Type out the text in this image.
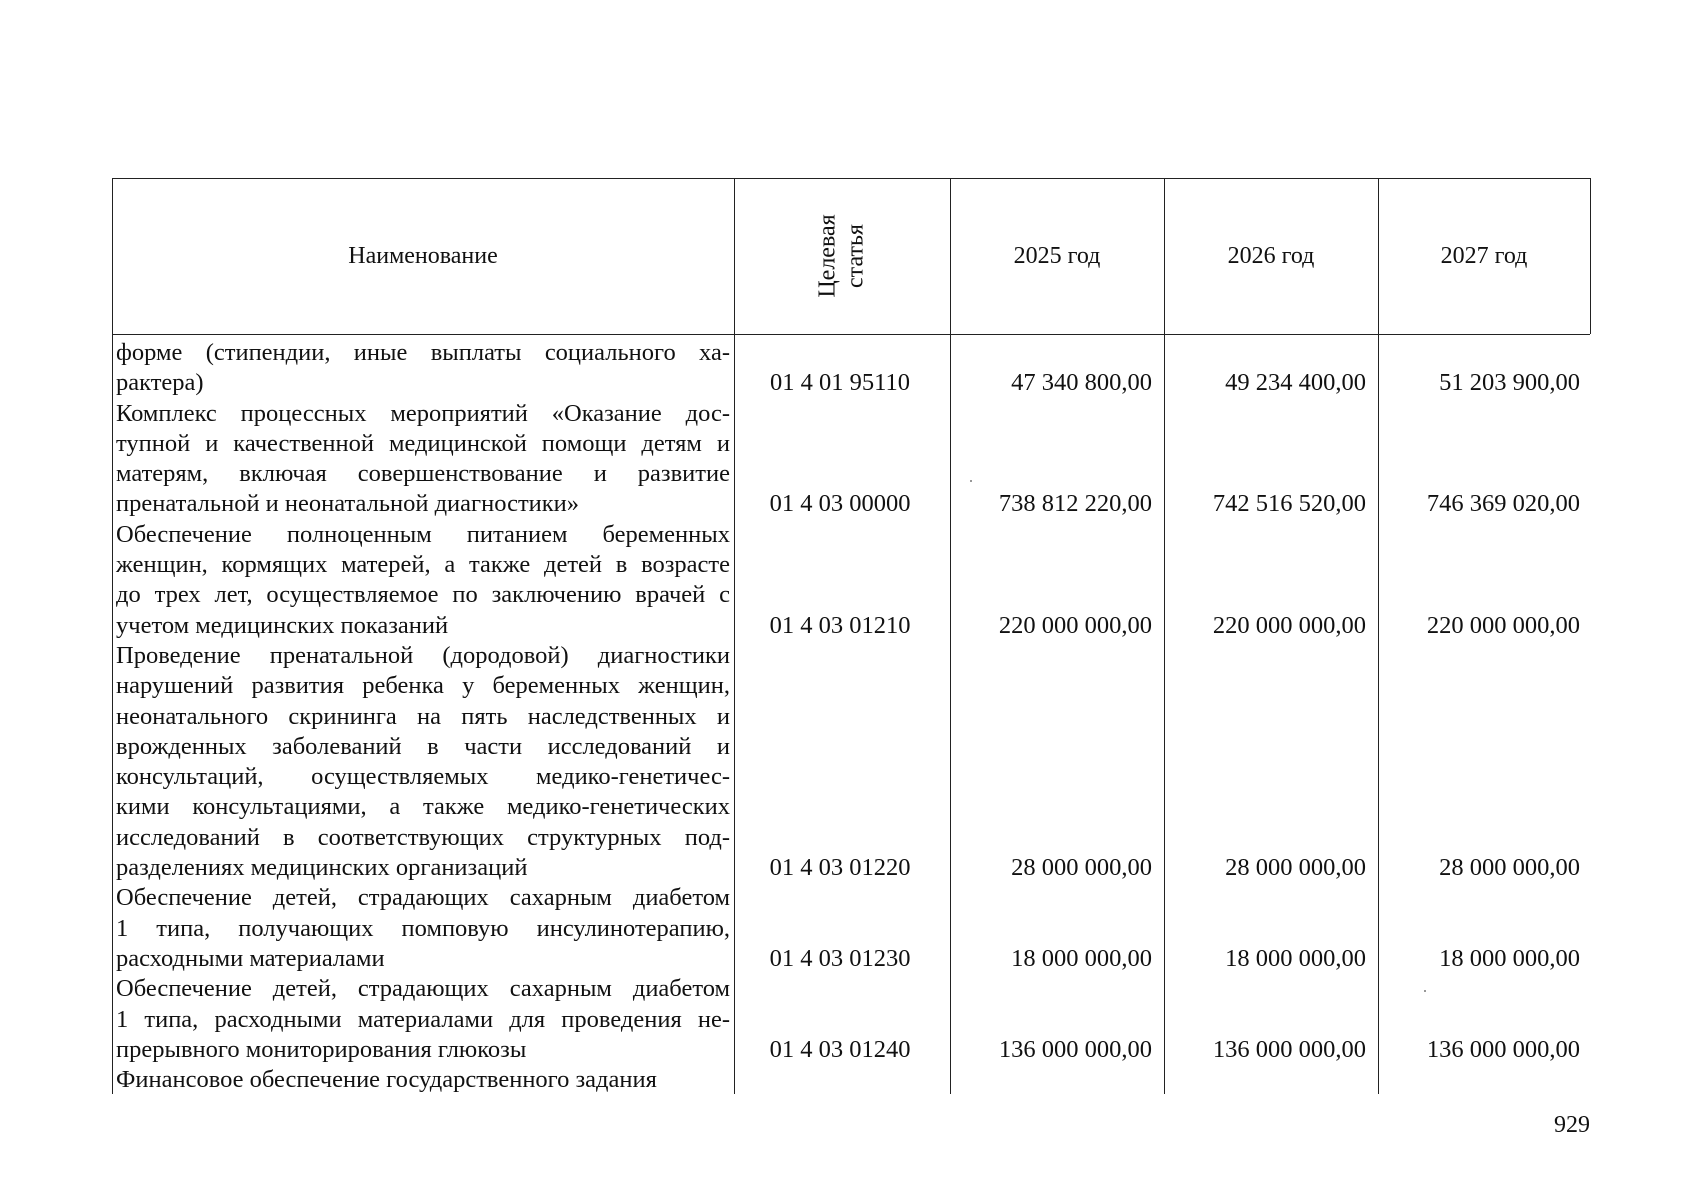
Наименование	Целевая статья	2025 год	2026 год	2027 год
форме (стипендии, иные выплаты социального ха-
рактера)	01 4 01 95110	47 340 800,00	49 234 400,00	51 203 900,00
Комплекс процессных мероприятий «Оказание дос-
тупной и качественной медицинской помощи детям и
матерям, включая совершенствование и развитие
пренатальной и неонатальной диагностики»	01 4 03 00000	738 812 220,00	742 516 520,00	746 369 020,00
Обеспечение полноценным питанием беременных
женщин, кормящих матерей, а также детей в возрасте
до трех лет, осуществляемое по заключению врачей с
учетом медицинских показаний	01 4 03 01210	220 000 000,00	220 000 000,00	220 000 000,00
Проведение пренатальной (дородовой) диагностики
нарушений развития ребенка у беременных женщин,
неонатального скрининга на пять наследственных и
врожденных заболеваний в части исследований и
консультаций, осуществляемых медико-генетичес-
кими консультациями, а также медико-генетических
исследований в соответствующих структурных под-
разделениях медицинских организаций	01 4 03 01220	28 000 000,00	28 000 000,00	28 000 000,00
Обеспечение детей, страдающих сахарным диабетом
1 типа, получающих помповую инсулинотерапию,
расходными материалами	01 4 03 01230	18 000 000,00	18 000 000,00	18 000 000,00
Обеспечение детей, страдающих сахарным диабетом
1 типа, расходными материалами для проведения не-
прерывного мониторирования глюкозы	01 4 03 01240	136 000 000,00	136 000 000,00	136 000 000,00
Финансовое обеспечение государственного задания
929
